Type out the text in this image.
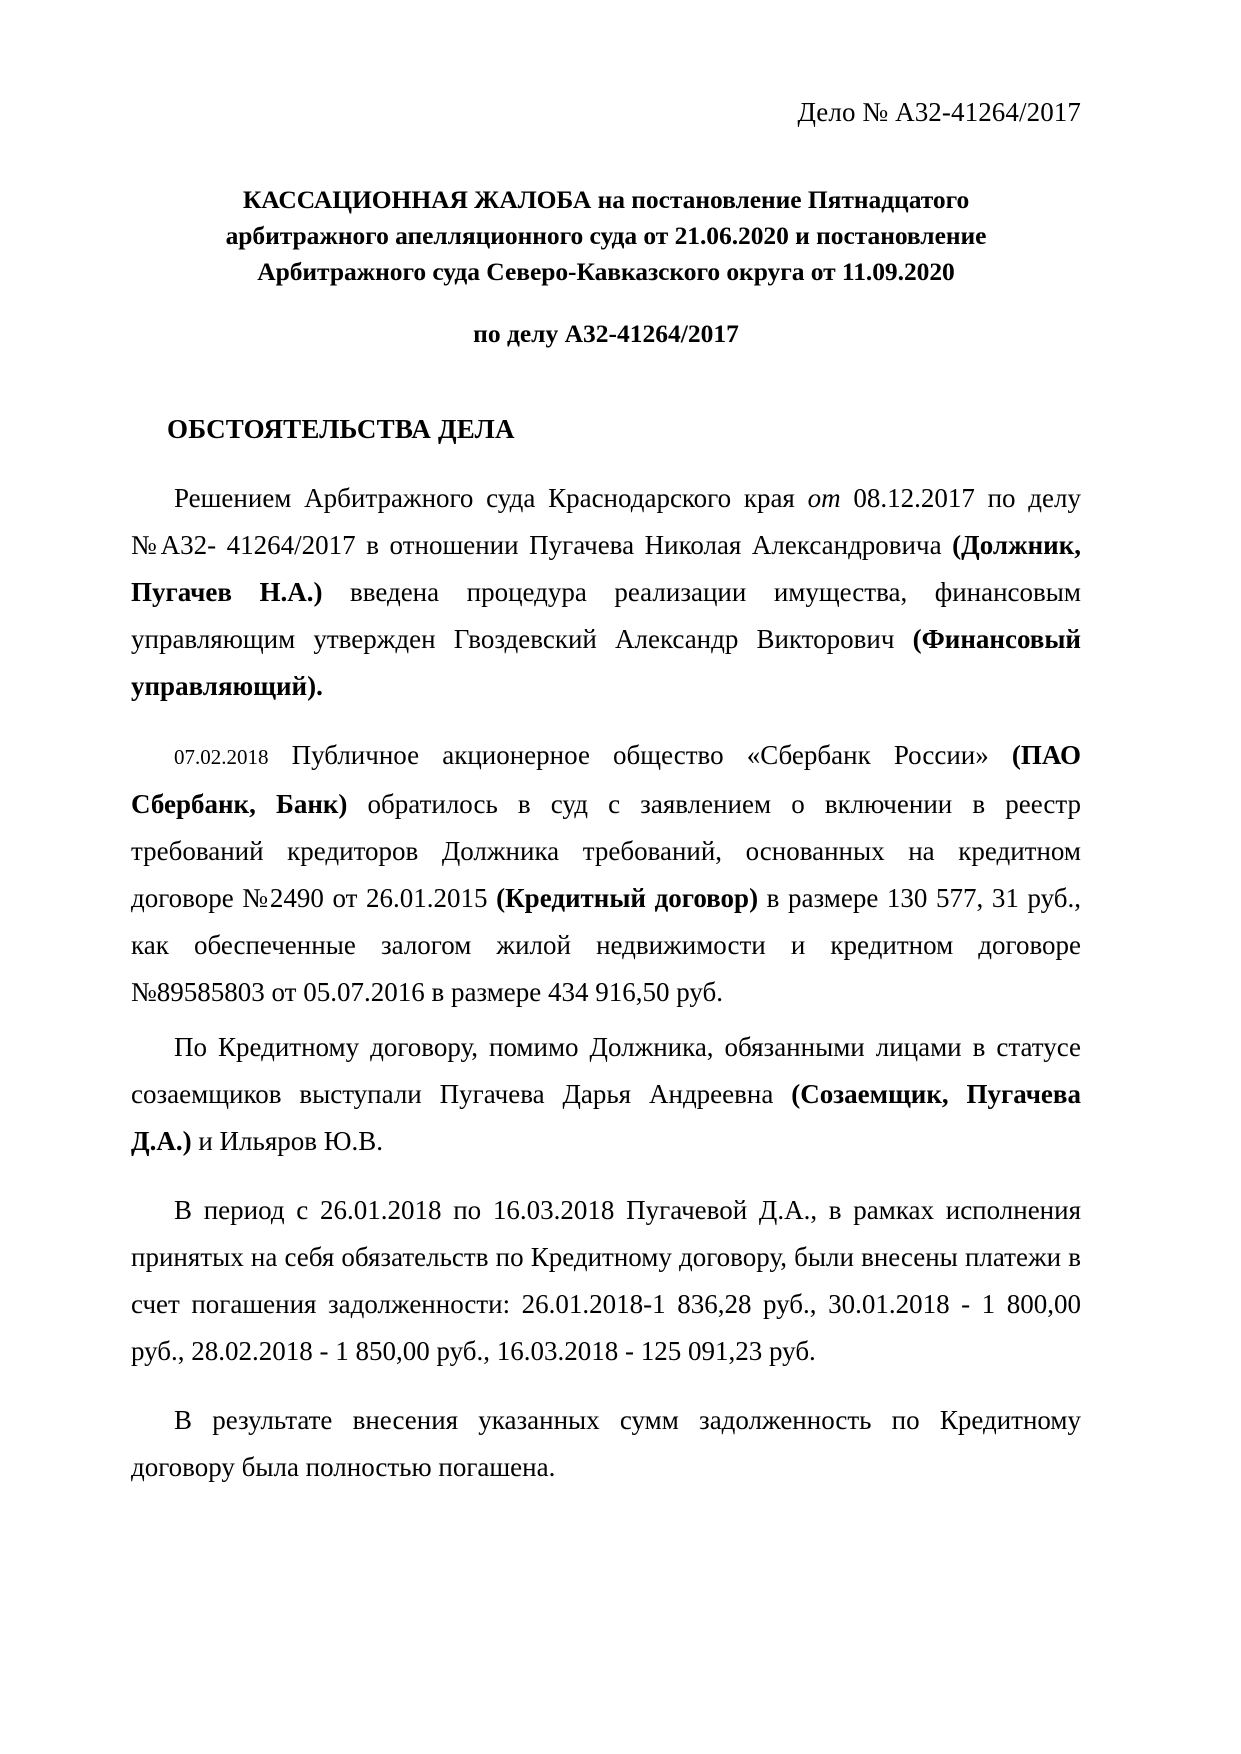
Дело № А32-41264/2017
КАССАЦИОННАЯ ЖАЛОБА на постановление Пятнадцатого
арбитражного апелляционного суда от 21.06.2020 и постановление
Арбитражного суда Северо-Кавказского округа от 11.09.2020
по делу А32-41264/2017
ОБСТОЯТЕЛЬСТВА ДЕЛА

Решением Арбитражного суда Краснодарского края от 08.12.2017 по делу №А32- 41264/2017 в отношении Пугачева Николая Александровича (Должник, Пугачев Н.А.) введена процедура реализации имущества, финансовым управляющим утвержден Гвоздевский Александр Викторович (Финансовый управляющий).

07.02.2018 Публичное акционерное общество «Сбербанк России» (ПАО Сбербанк, Банк) обратилось в суд с заявлением о включении в реестр требований кредиторов Должника требований, основанных на кредитном договоре №2490 от 26.01.2015 (Кредитный договор) в размере 130 577, 31 руб., как обеспеченные залогом жилой недвижимости и кредитном договоре №89585803 от 05.07.2016 в размере 434 916,50 руб.

По Кредитному договору, помимо Должника, обязанными лицами в статусе созаемщиков выступали Пугачева Дарья Андреевна (Созаемщик, Пугачева Д.А.) и Ильяров Ю.В.

В период с 26.01.2018 по 16.03.2018 Пугачевой Д.А., в рамках исполнения принятых на себя обязательств по Кредитному договору, были внесены платежи в счет погашения задолженности: 26.01.2018-1 836,28 руб., 30.01.2018 - 1 800,00 руб., 28.02.2018 - 1 850,00 руб., 16.03.2018 - 125 091,23 руб.

В результате внесения указанных сумм задолженность по Кредитному договору была полностью погашена.
